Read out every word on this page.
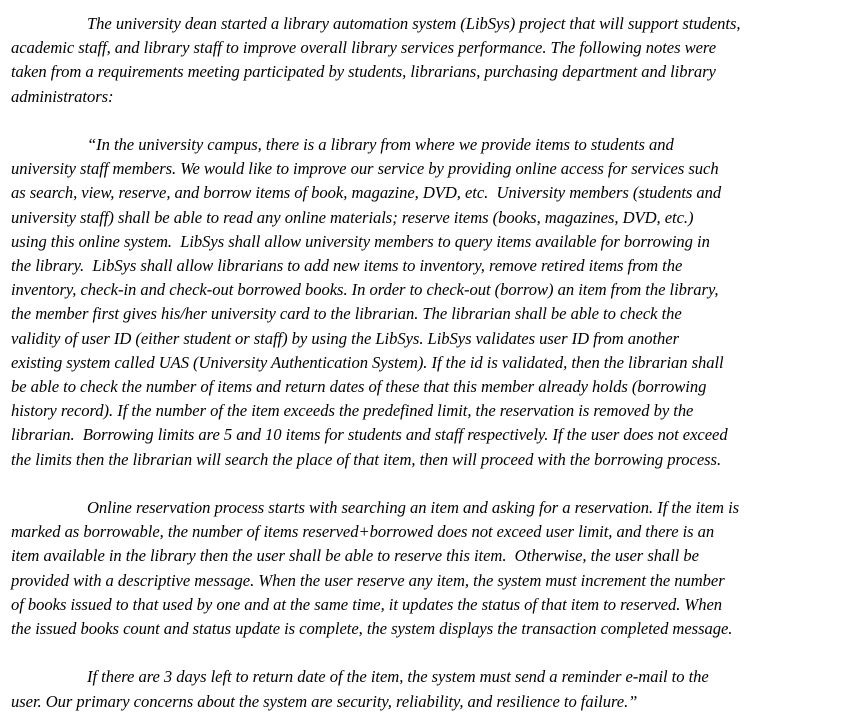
The university dean started a library automation system (LibSys) project that will support students,
academic staff, and library staff to improve overall library services performance. The following notes were
taken from a requirements meeting participated by students, librarians, purchasing department and library
administrators:
“In the university campus, there is a library from where we provide items to students and
university staff members. We would like to improve our service by providing online access for services such
as search, view, reserve, and borrow items of book, magazine, DVD, etc.  University members (students and
university staff) shall be able to read any online materials; reserve items (books, magazines, DVD, etc.)
using this online system.  LibSys shall allow university members to query items available for borrowing in
the library.  LibSys shall allow librarians to add new items to inventory, remove retired items from the
inventory, check-in and check-out borrowed books. In order to check-out (borrow) an item from the library,
the member first gives his/her university card to the librarian. The librarian shall be able to check the
validity of user ID (either student or staff) by using the LibSys. LibSys validates user ID from another
existing system called UAS (University Authentication System). If the id is validated, then the librarian shall
be able to check the number of items and return dates of these that this member already holds (borrowing
history record). If the number of the item exceeds the predefined limit, the reservation is removed by the
librarian.  Borrowing limits are 5 and 10 items for students and staff respectively. If the user does not exceed
the limits then the librarian will search the place of that item, then will proceed with the borrowing process.
Online reservation process starts with searching an item and asking for a reservation. If the item is
marked as borrowable, the number of items reserved+borrowed does not exceed user limit, and there is an
item available in the library then the user shall be able to reserve this item.  Otherwise, the user shall be
provided with a descriptive message. When the user reserve any item, the system must increment the number
of books issued to that used by one and at the same time, it updates the status of that item to reserved. When
the issued books count and status update is complete, the system displays the transaction completed message.
If there are 3 days left to return date of the item, the system must send a reminder e-mail to the
user. Our primary concerns about the system are security, reliability, and resilience to failure.”
